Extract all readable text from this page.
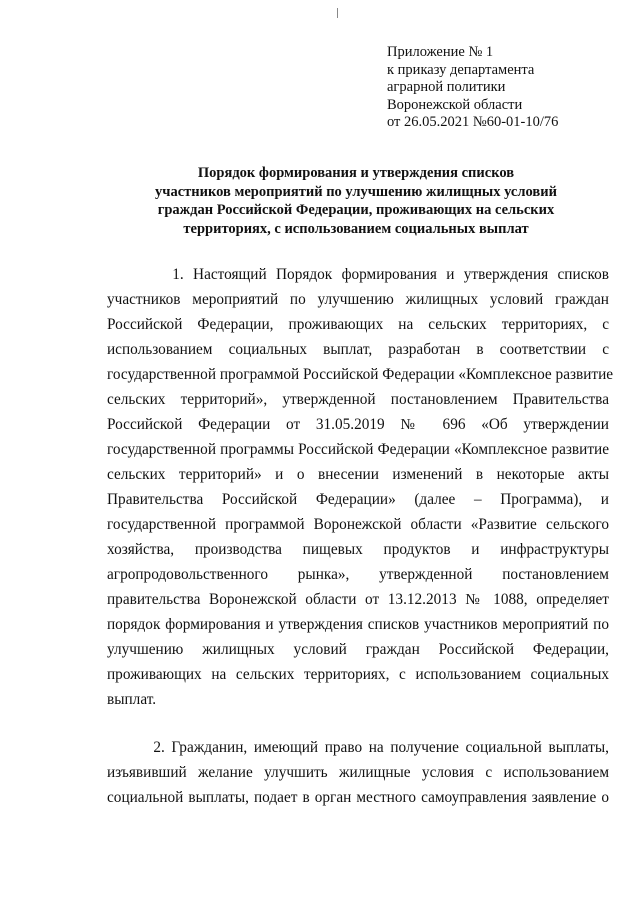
Приложение № 1
к приказу департамента
аграрной политики
Воронежской области
от 26.05.2021 №60-01-10/76
Порядок формирования и утверждения списков
участников мероприятий по улучшению жилищных условий
граждан Российской Федерации, проживающих на сельских
территориях, с использованием социальных выплат
1. Настоящий Порядок формирования и утверждения списков
участников мероприятий по улучшению жилищных условий граждан
Российской Федерации, проживающих на сельских территориях, с
использованием социальных выплат, разработан в соответствии с
государственной программой Российской Федерации «Комплексное развитие
сельских территорий», утвержденной постановлением Правительства
Российской Федерации от 31.05.2019 № 696 «Об утверждении
государственной программы Российской Федерации «Комплексное развитие
сельских территорий» и о внесении изменений в некоторые акты
Правительства Российской Федерации» (далее – Программа), и
государственной программой Воронежской области «Развитие сельского
хозяйства, производства пищевых продуктов и инфраструктуры
агропродовольственного рынка», утвержденной постановлением
правительства Воронежской области от 13.12.2013 № 1088, определяет
порядок формирования и утверждения списков участников мероприятий по
улучшению жилищных условий граждан Российской Федерации,
проживающих на сельских территориях, с использованием социальных
выплат.
2. Гражданин, имеющий право на получение социальной выплаты,
изъявивший желание улучшить жилищные условия с использованием
социальной выплаты, подает в орган местного самоуправления заявление о
